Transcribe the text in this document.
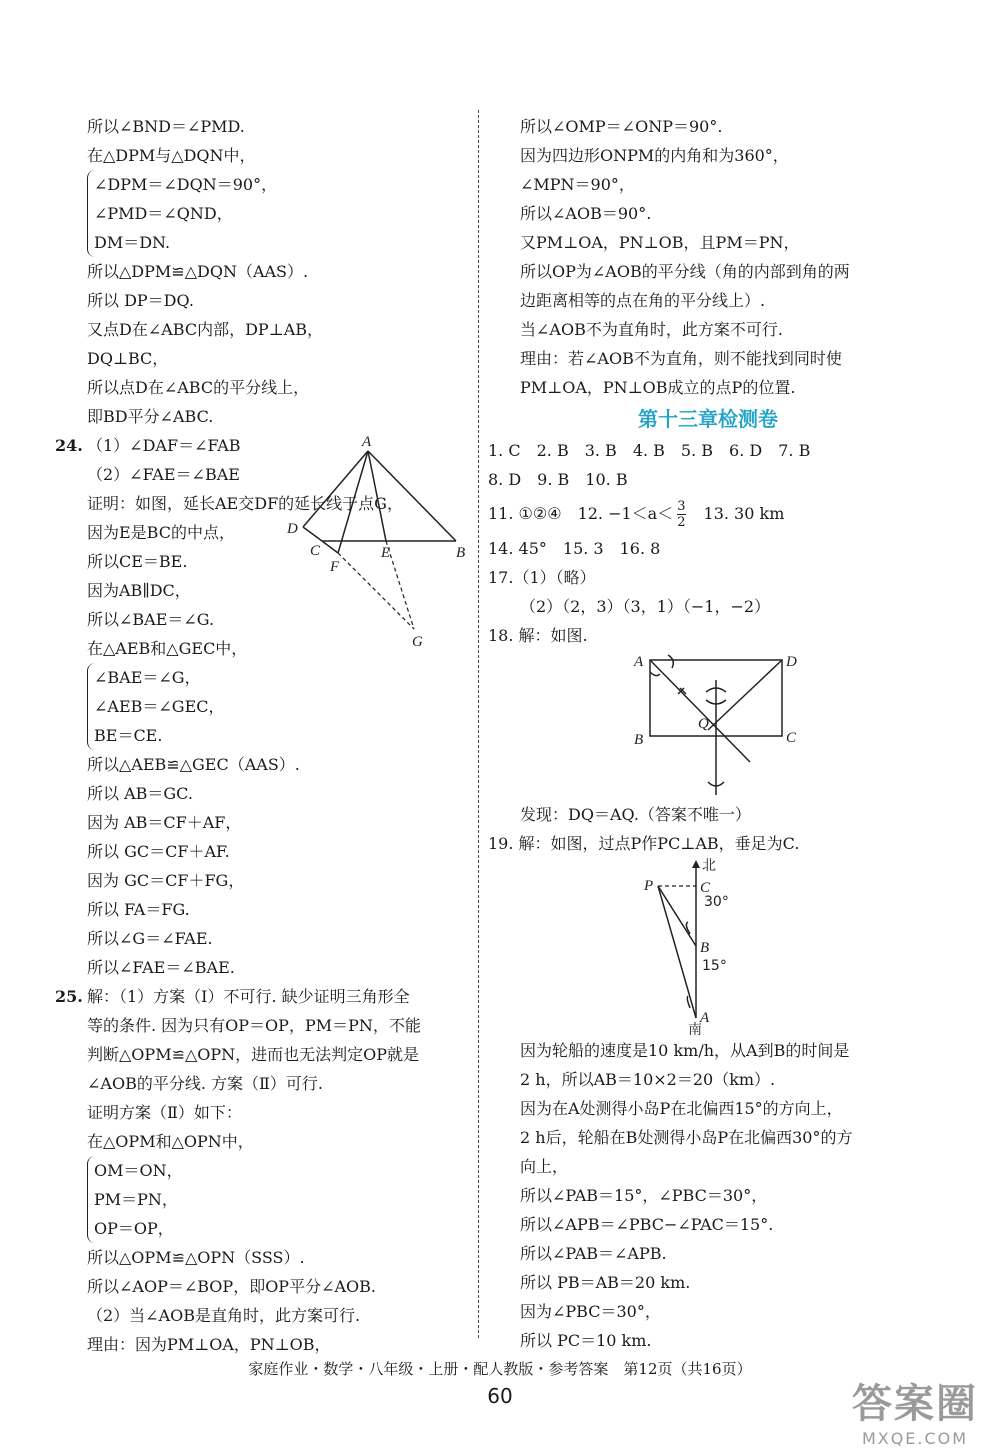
所以∠BND＝∠PMD.
在△DPM与△DQN中，
∠DPM＝∠DQN＝90°，
∠PMD＝∠QND，
DM＝DN.
所以△DPM≌△DQN（AAS）.
所以 DP＝DQ.
又点D在∠ABC内部，DP⊥AB，
DQ⊥BC，
所以点D在∠ABC的平分线上，
即BD平分∠ABC.
24. （1）∠DAF＝∠FAB
（2）∠FAE＝∠BAE
证明：如图，延长AE交DF的延长线于点G，
因为E是BC的中点，
所以CE＝BE.
因为AB∥DC，
所以∠BAE＝∠G.
在△AEB和△GEC中，
∠BAE＝∠G，
∠AEB＝∠GEC，
BE＝CE.
所以△AEB≌△GEC（AAS）.
所以 AB＝GC.
因为 AB＝CF＋AF，
所以 GC＝CF＋AF.
因为 GC＝CF＋FG，
所以 FA＝FG.
所以∠G＝∠FAE.
所以∠FAE＝∠BAE.
A
D
C	E	B
F
G
25. 解：（1）方案（Ⅰ）不可行. 缺少证明三角形全
等的条件. 因为只有OP＝OP，PM＝PN，不能
判断△OPM≌△OPN，进而也无法判定OP就是
∠AOB的平分线. 方案（Ⅱ）可行.
证明方案（Ⅱ）如下：
在△OPM和△OPN中，
OM＝ON，
PM＝PN，
OP＝OP，
所以△OPM≌△OPN（SSS）.
所以∠AOP＝∠BOP，即OP平分∠AOB.
（2）当∠AOB是直角时，此方案可行.
理由：因为PM⊥OA，PN⊥OB，
所以∠OMP＝∠ONP＝90°.
因为四边形ONPM的内角和为360°，
∠MPN＝90°，
所以∠AOB＝90°.
又PM⊥OA，PN⊥OB，且PM＝PN，
所以OP为∠AOB的平分线（角的内部到角的两
边距离相等的点在角的平分线上）.
当∠AOB不为直角时，此方案不可行.
理由：若∠AOB不为直角，则不能找到同时使
PM⊥OA，PN⊥OB成立的点P的位置.
第十三章检测卷
1. C　2. B　3. B　4. B　5. B　6. D　7. B
8. D　9. B　10. B
11. ①②④　12. $-1<a< \frac{3}{2} 13$. 30 km
14. 45°　15. 3　16. 8
17.（1）（略）
（2）（2，3）（3，1）（−1，−2）
18. 解：如图.
A	D
B	C
Q
发现：DQ＝AQ.（答案不唯一）
19. 解：如图，过点P作PC⊥AB，垂足为C.
北
南
30°
15°
P	C
B
A
因为轮船的速度是10 km/h，从A到B的时间是
2 h，所以AB＝10×2＝20（km）.
因为在A处测得小岛P在北偏西15°的方向上，
2 h后，轮船在B处测得小岛P在北偏西30°的方
向上，
所以∠PAB＝15°，∠PBC＝30°，
所以∠APB＝∠PBC−∠PAC＝15°.
所以∠PAB＝∠APB.
所以 PB＝AB＝20 km.
因为∠PBC＝30°，
所以 PC＝10 km.
家庭作业・数学・八年级・上册・配人教版・参考答案　第12页（共16页）
60	答案圈
MXQE.COM
